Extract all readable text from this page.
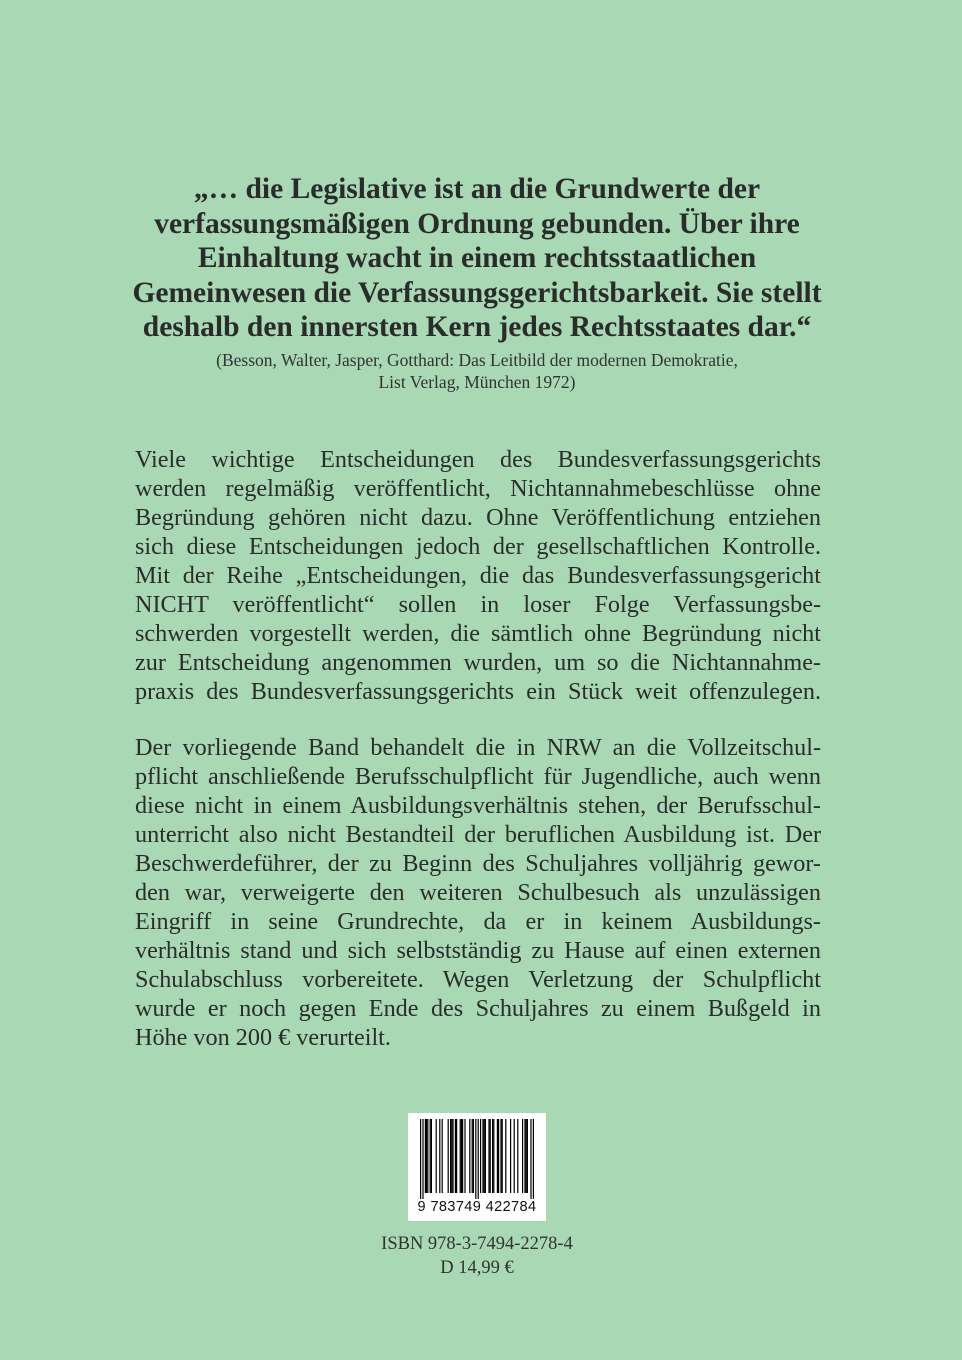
„… die Legislative ist an die Grundwerte der
verfassungsmäßigen Ordnung gebunden. Über ihre
Einhaltung wacht in einem rechtsstaatlichen
Gemeinwesen die Verfassungsgerichtsbarkeit. Sie stellt
deshalb den innersten Kern jedes Rechtsstaates dar.“
(Besson, Walter, Jasper, Gotthard: Das Leitbild der modernen Demokratie,
List Verlag, München 1972)
Viele wichtige Entscheidungen des Bundesverfassungsgerichts
werden regelmäßig veröffentlicht, Nichtannahmebeschlüsse ohne
Begründung gehören nicht dazu. Ohne Veröffentlichung entziehen
sich diese Entscheidungen jedoch der gesellschaftlichen Kontrolle.
Mit der Reihe „Entscheidungen, die das Bundesverfassungsgericht
NICHT veröffentlicht“ sollen in loser Folge Verfassungsbe-
schwerden vorgestellt werden, die sämtlich ohne Begründung nicht
zur Entscheidung angenommen wurden, um so die Nichtannahme-
praxis des Bundesverfassungsgerichts ein Stück weit offenzulegen.
Der vorliegende Band behandelt die in NRW an die Vollzeitschul-
pflicht anschließende Berufsschulpflicht für Jugendliche, auch wenn
diese nicht in einem Ausbildungsverhältnis stehen, der Berufsschul-
unterricht also nicht Bestandteil der beruflichen Ausbildung ist. Der
Beschwerdeführer, der zu Beginn des Schuljahres volljährig gewor-
den war, verweigerte den weiteren Schulbesuch als unzulässigen
Eingriff in seine Grundrechte, da er in keinem Ausbildungs-
verhältnis stand und sich selbstständig zu Hause auf einen externen
Schulabschluss vorbereitete. Wegen Verletzung der Schulpflicht
wurde er noch gegen Ende des Schuljahres zu einem Bußgeld in
Höhe von 200 € verurteilt.
9 783749 422784
ISBN 978-3-7494-2278-4
D 14,99 €
